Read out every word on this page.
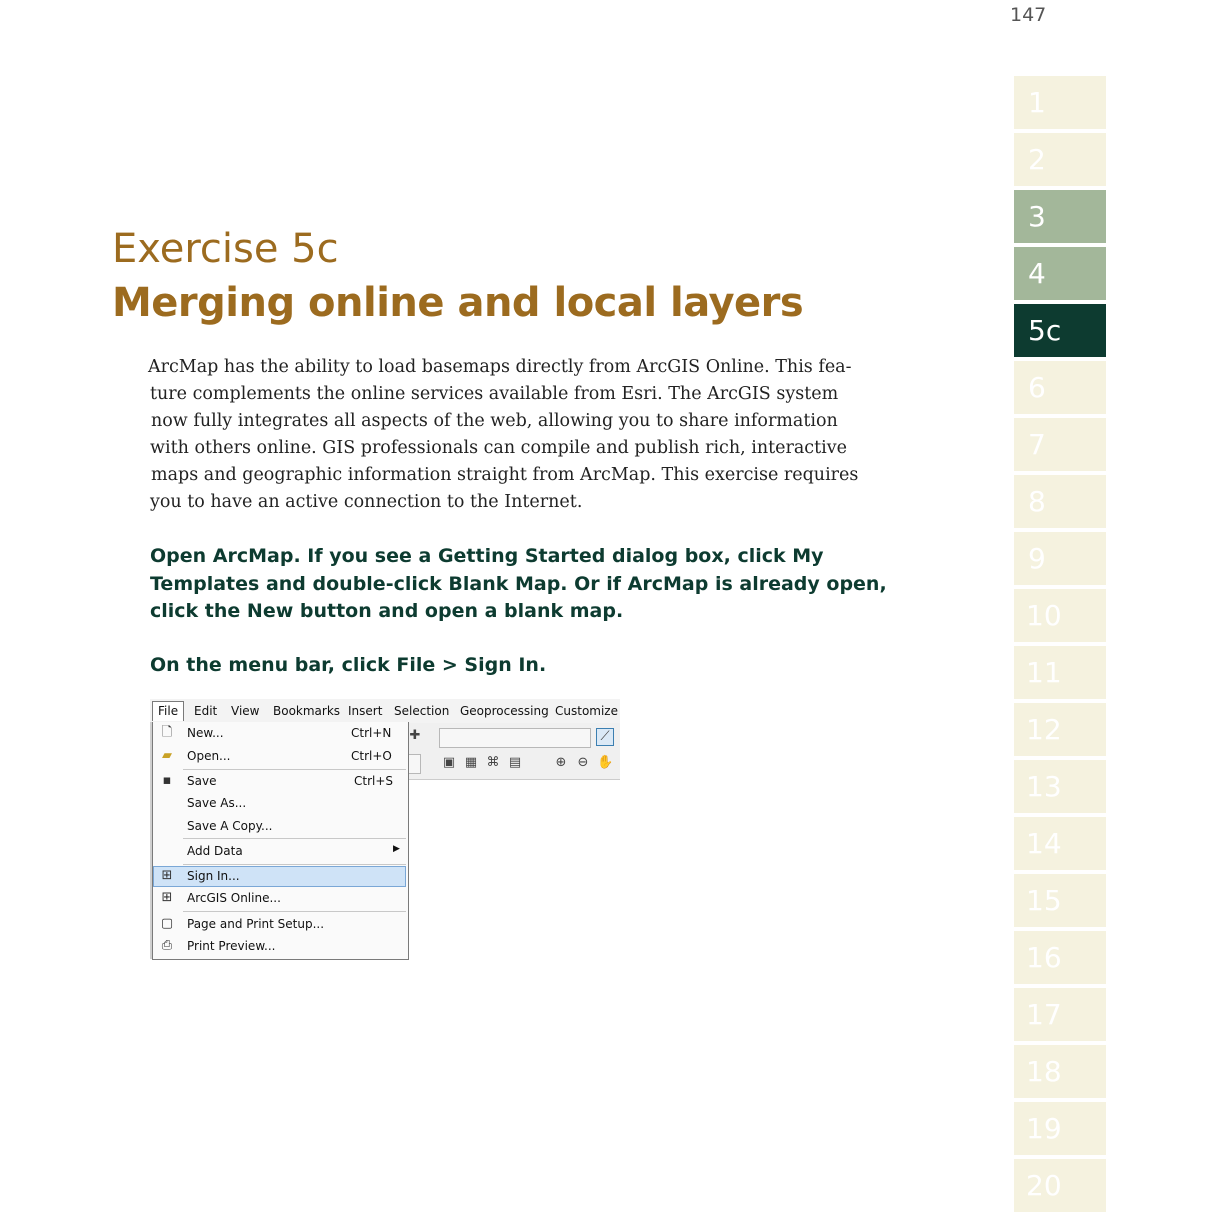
147
1
2
3
4
5c
6
7
8
9
10
11
12
13
14
15
16
17
18
19
20
Exercise 5c
Merging online and local layers
ArcMap has the ability to load basemaps directly from ArcGIS Online. This fea-
ture complements the online services available from Esri. The ArcGIS system
now fully integrates all aspects of the web, allowing you to share information
with others online. GIS professionals can compile and publish rich, interactive
maps and geographic information straight from ArcMap. This exercise requires
you to have an active connection to the Internet.
Open ArcMap. If you see a Getting Started dialog box, click My
Templates and double-click Blank Map. Or if ArcMap is already open,
click the New button and open a blank map.
On the menu bar, click File > Sign In.
File	Edit View Bookmarks Insert Selection Geoprocessing Customize
✚	⟋
▣ ▦ ⌘ ▤	⊕ ⊖ ✋
🗋 New...	Ctrl+N
▰ Open...	Ctrl+O
▪ Save	Ctrl+S
Save As...
Save A Copy...
Add Data	▶
⊞ Sign In...
⊞ ArcGIS Online...
▢ Page and Print Setup...
⎙ Print Preview...
